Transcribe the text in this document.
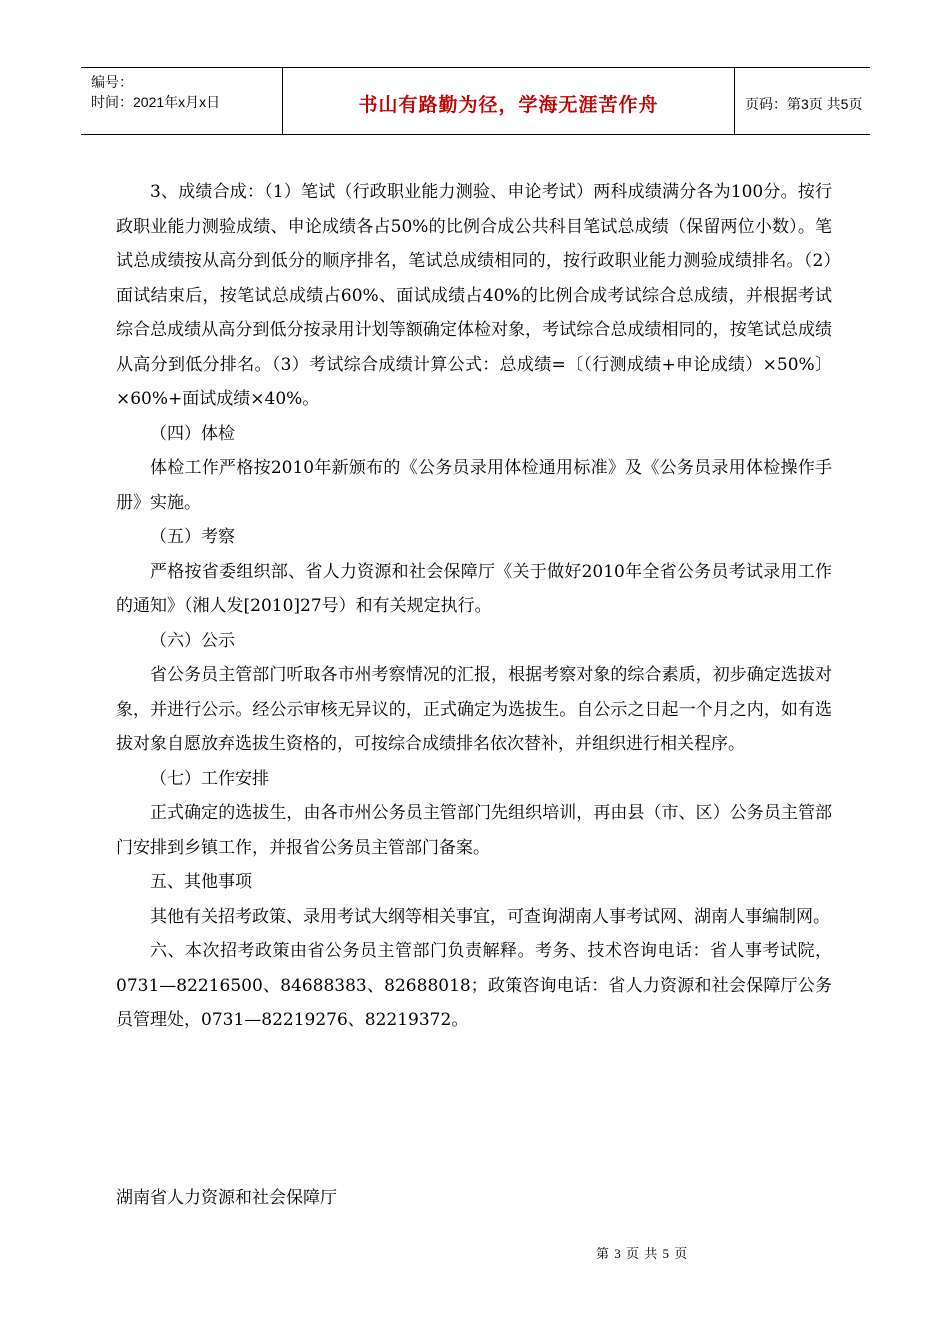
编号：
时间：2021年x月x日	书山有路勤为径，学海无涯苦作舟	页码：第3页 共5页
3、成绩合成：（1）笔试（行政职业能力测验、申论考试）两科成绩满分各为100分。按行政职业能力测验成绩、申论成绩各占50%的比例合成公共科目笔试总成绩（保留两位小数）。笔试总成绩按从高分到低分的顺序排名，笔试总成绩相同的，按行政职业能力测验成绩排名。（2）面试结束后，按笔试总成绩占60%、面试成绩占40%的比例合成考试综合总成绩，并根据考试综合总成绩从高分到低分按录用计划等额确定体检对象，考试综合总成绩相同的，按笔试总成绩从高分到低分排名。（3）考试综合成绩计算公式：总成绩=〔（行测成绩+申论成绩）×50%〕×60%+面试成绩×40%。
（四）体检
体检工作严格按2010年新颁布的《公务员录用体检通用标准》及《公务员录用体检操作手册》实施。
（五）考察
严格按省委组织部、省人力资源和社会保障厅《关于做好2010年全省公务员考试录用工作的通知》（湘人发[2010]27号）和有关规定执行。
（六）公示
省公务员主管部门听取各市州考察情况的汇报，根据考察对象的综合素质，初步确定选拔对象，并进行公示。经公示审核无异议的，正式确定为选拔生。自公示之日起一个月之内，如有选拔对象自愿放弃选拔生资格的，可按综合成绩排名依次替补，并组织进行相关程序。
（七）工作安排
正式确定的选拔生，由各市州公务员主管部门先组织培训，再由县（市、区）公务员主管部门安排到乡镇工作，并报省公务员主管部门备案。
五、其他事项
其他有关招考政策、录用考试大纲等相关事宜，可查询湖南人事考试网、湖南人事编制网。
六、本次招考政策由省公务员主管部门负责解释。考务、技术咨询电话：省人事考试院，0731—82216500、84688383、82688018；政策咨询电话：省人力资源和社会保障厅公务员管理处，0731—82219276、82219372。
湖南省人力资源和社会保障厅
第 3 页 共 5 页
